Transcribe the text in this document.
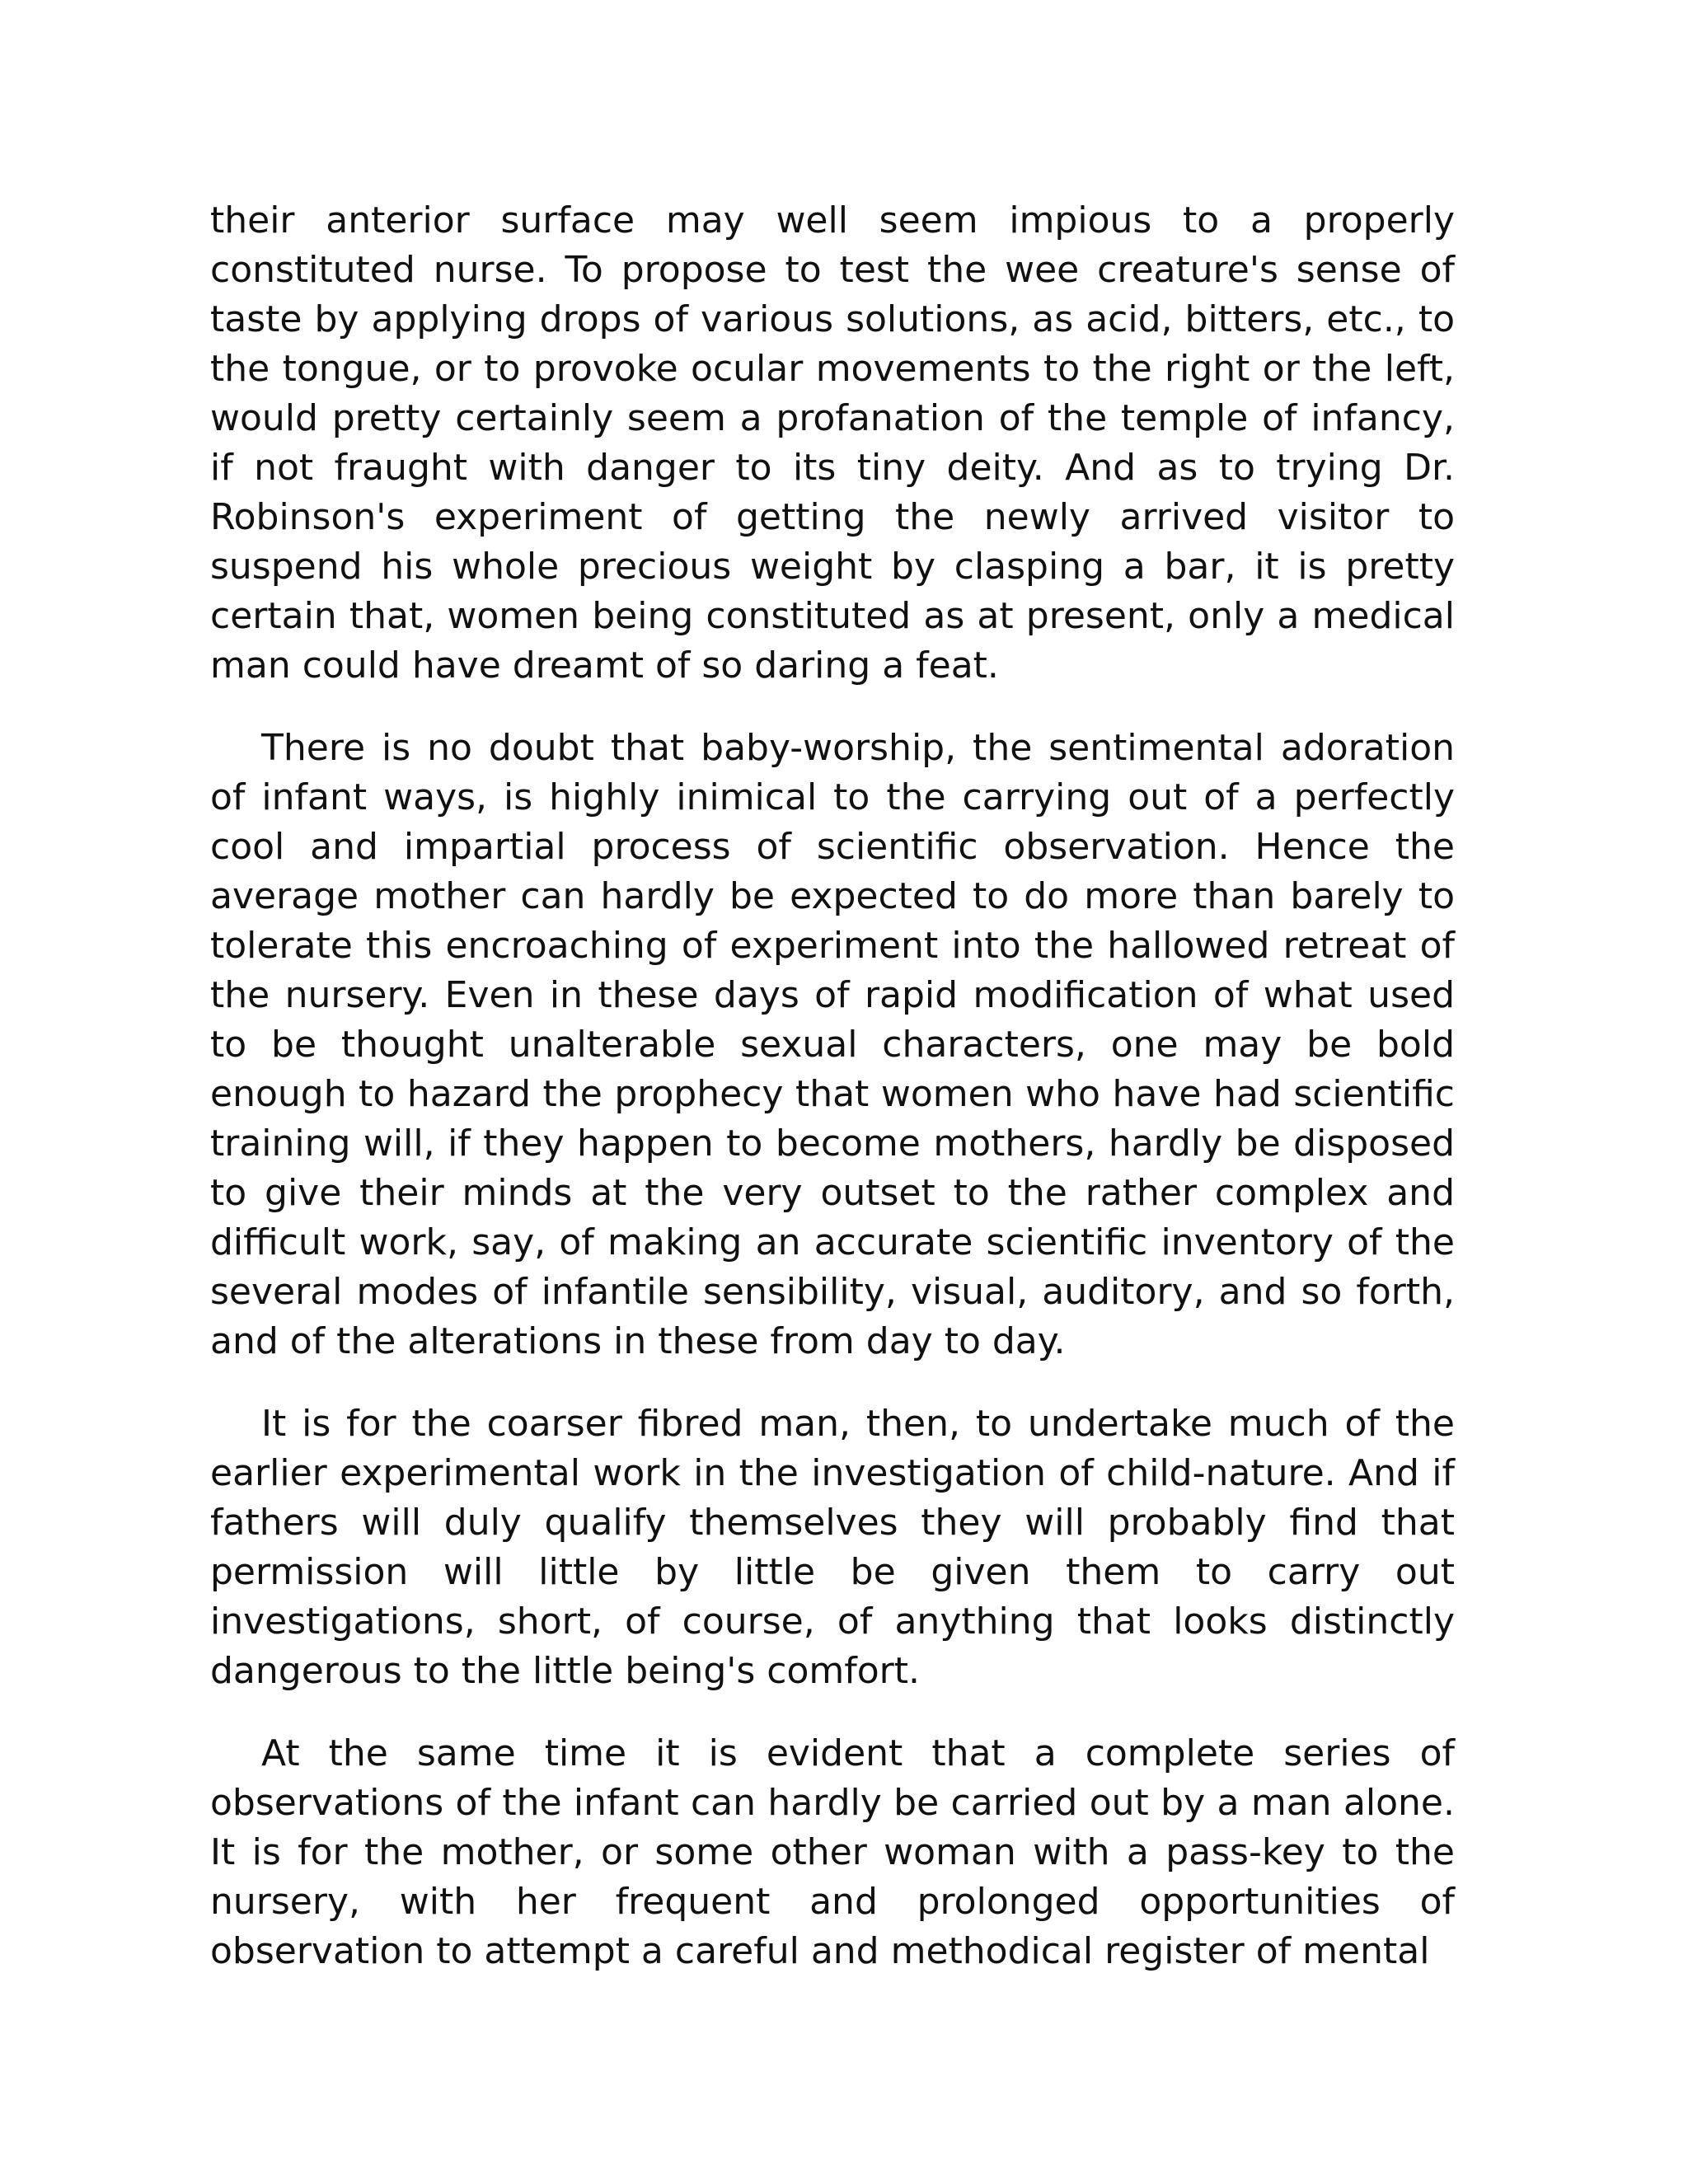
their anterior surface may well seem impious to a properly constituted nurse. To propose to test the wee creature's sense of taste by applying drops of various solutions, as acid, bitters, etc., to the tongue, or to provoke ocular movements to the right or the left, would pretty certainly seem a profanation of the temple of infancy, if not fraught with danger to its tiny deity. And as to trying Dr. Robinson's experiment of getting the newly arrived visitor to suspend his whole precious weight by clasping a bar, it is pretty certain that, women being constituted as at present, only a medical man could have dreamt of so daring a feat.

There is no doubt that baby-worship, the sentimental adoration of infant ways, is highly inimical to the carrying out of a perfectly cool and impartial process of scientific observation. Hence the average mother can hardly be expected to do more than barely to tolerate this encroaching of experiment into the hallowed retreat of the nursery. Even in these days of rapid modification of what used to be thought unalterable sexual characters, one may be bold enough to hazard the prophecy that women who have had scientific training will, if they happen to become mothers, hardly be disposed to give their minds at the very outset to the rather complex and difficult work, say, of making an accurate scientific inventory of the several modes of infantile sensibility, visual, auditory, and so forth, and of the alterations in these from day to day.

It is for the coarser fibred man, then, to undertake much of the earlier experimental work in the investigation of child-nature. And if fathers will duly qualify themselves they will probably find that permission will little by little be given them to carry out investigations, short, of course, of anything that looks distinctly dangerous to the little being's comfort.

At the same time it is evident that a complete series of observations of the infant can hardly be carried out by a man alone. It is for the mother, or some other woman with a pass-key to the nursery, with her frequent and prolonged opportunities of observation to attempt a careful and methodical register of mental
